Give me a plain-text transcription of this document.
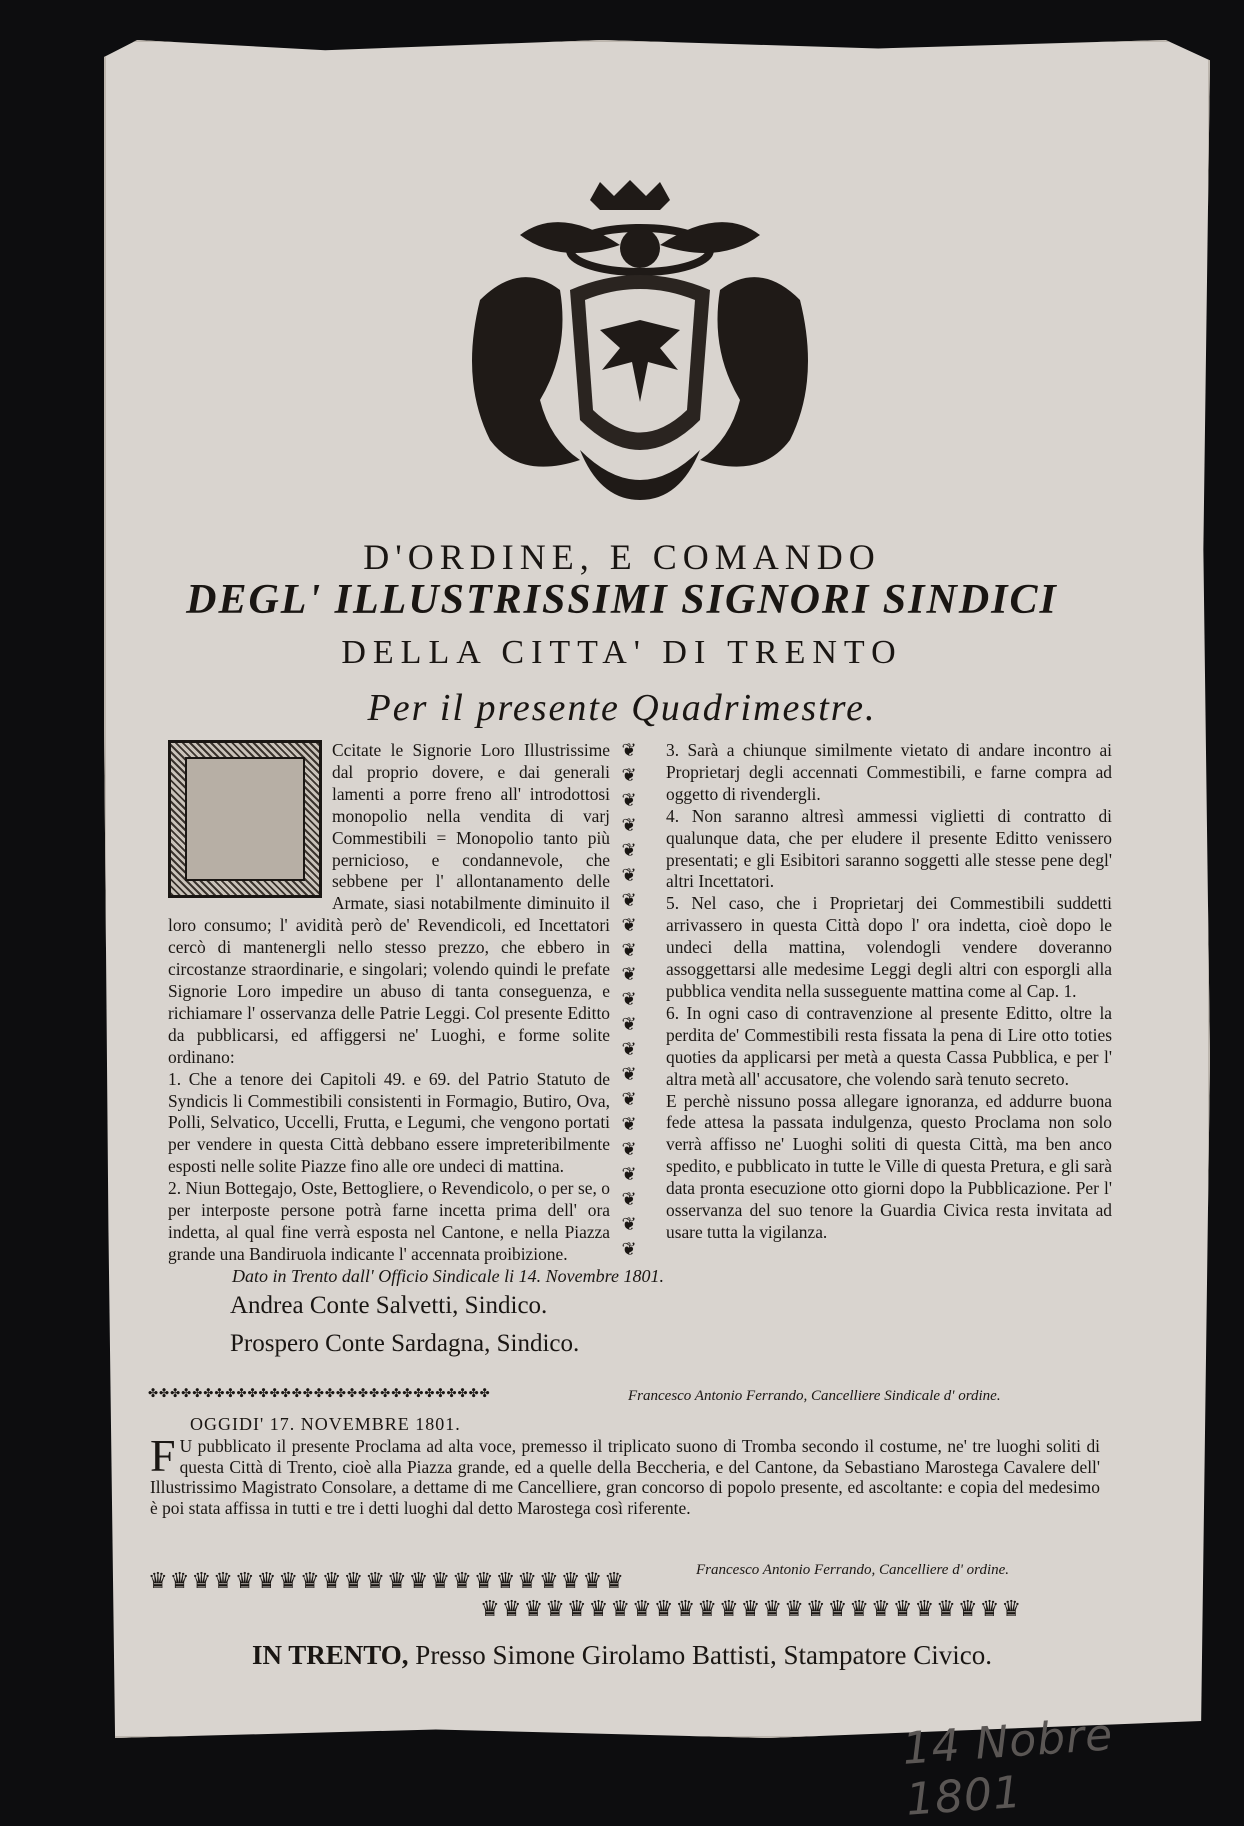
D'ORDINE, E COMANDO
DEGL' ILLUSTRISSIMI SIGNORI SINDICI
DELLA CITTA' DI TRENTO
Per il presente Quadrimestre.

Ccitate le Signorie Loro Illustrissime dal proprio dovere, e dai generali lamenti a porre freno all' introdottosi monopolio nella vendita di varj Commestibili = Monopolio tanto più pernicioso, e condannevole, che sebbene per l' allontanamento delle Armate, siasi notabilmente diminuito il loro consumo; l' avidità però de' Revendicoli, ed Incettatori cercò di mantenergli nello stesso prezzo, che ebbero in circostanze straordinarie, e singolari; volendo quindi le prefate Signorie Loro impedire un abuso di tanta conseguenza, e richiamare l' osservanza delle Patrie Leggi. Col presente Editto da pubblicarsi, ed affiggersi ne' Luoghi, e forme solite ordinano:

1. Che a tenore dei Capitoli 49. e 69. del Patrio Statuto de Syndicis li Commestibili consistenti in Formagio, Butiro, Ova, Polli, Selvatico, Uccelli, Frutta, e Legumi, che vengono portati per vendere in questa Città debbano essere impreteribilmente esposti nelle solite Piazze fino alle ore undeci di mattina.

2. Niun Bottegajo, Oste, Bettogliere, o Revendicolo, o per se, o per interposte persone potrà farne incetta prima dell' ora indetta, al qual fine verrà esposta nel Cantone, e nella Piazza grande una Bandiruola indicante l' accennata proibizione.

❦
❦
❦
❦
❦
❦
❦
❦
❦
❦
❦
❦
❦
❦
❦
❦
❦
❦
❦
❦
❦

3. Sarà a chiunque similmente vietato di andare incontro ai Proprietarj degli accennati Commestibili, e farne compra ad oggetto di rivendergli.

4. Non saranno altresì ammessi viglietti di contratto di qualunque data, che per eludere il presente Editto venissero presentati; e gli Esibitori saranno soggetti alle stesse pene degl' altri Incettatori.

5. Nel caso, che i Proprietarj dei Commestibili suddetti arrivassero in questa Città dopo l' ora indetta, cioè dopo le undeci della mattina, volendogli vendere doveranno assoggettarsi alle medesime Leggi degli altri con esporgli alla pubblica vendita nella susseguente mattina come al Cap. 1.

6. In ogni caso di contravenzione al presente Editto, oltre la perdita de' Commestibili resta fissata la pena di Lire otto toties quoties da applicarsi per metà a questa Cassa Pubblica, e per l' altra metà all' accusatore, che volendo sarà tenuto secreto.

E perchè nissuno possa allegare ignoranza, ed addurre buona fede attesa la passata indulgenza, questo Proclama non solo verrà affisso ne' Luoghi soliti di questa Città, ma ben anco spedito, e pubblicato in tutte le Ville di questa Pretura, e gli sarà data pronta esecuzione otto giorni dopo la Pubblicazione. Per l' osservanza del suo tenore la Guardia Civica resta invitata ad usare tutta la vigilanza.

Dato in Trento dall' Officio Sindicale li 14. Novembre 1801.
Andrea Conte Salvetti, Sindico.
Prospero Conte Sardagna, Sindico.
✤✤✤✤✤✤✤✤✤✤✤✤✤✤✤✤✤✤✤✤✤✤✤✤✤✤✤✤✤✤✤	Francesco Antonio Ferrando, Cancelliere Sindicale d' ordine.
OGGIDI' 17. NOVEMBRE 1801.
F U pubblicato il presente Proclama ad alta voce, premesso il triplicato suono di Tromba secondo il costume, ne' tre luoghi soliti di questa Città di Trento, cioè alla Piazza grande, ed a quelle della Beccheria, e del Cantone, da Sebastiano Marostega Cavalere dell' Illustrissimo Magistrato Consolare, a dettame di me Cancelliere, gran concorso di popolo presente, ed ascoltante: e copia del medesimo è poi stata affissa in tutti e tre i detti luoghi dal detto Marostega così riferente.
♛♛♛♛♛♛♛♛♛♛♛♛♛♛♛♛♛♛♛♛♛♛	Francesco Antonio Ferrando, Cancelliere d' ordine.
♛♛♛♛♛♛♛♛♛♛♛♛♛♛♛♛♛♛♛♛♛♛♛♛♛
IN TRENTO, Presso Simone Girolamo Battisti, Stampatore Civico.
14 Nobre 1801
